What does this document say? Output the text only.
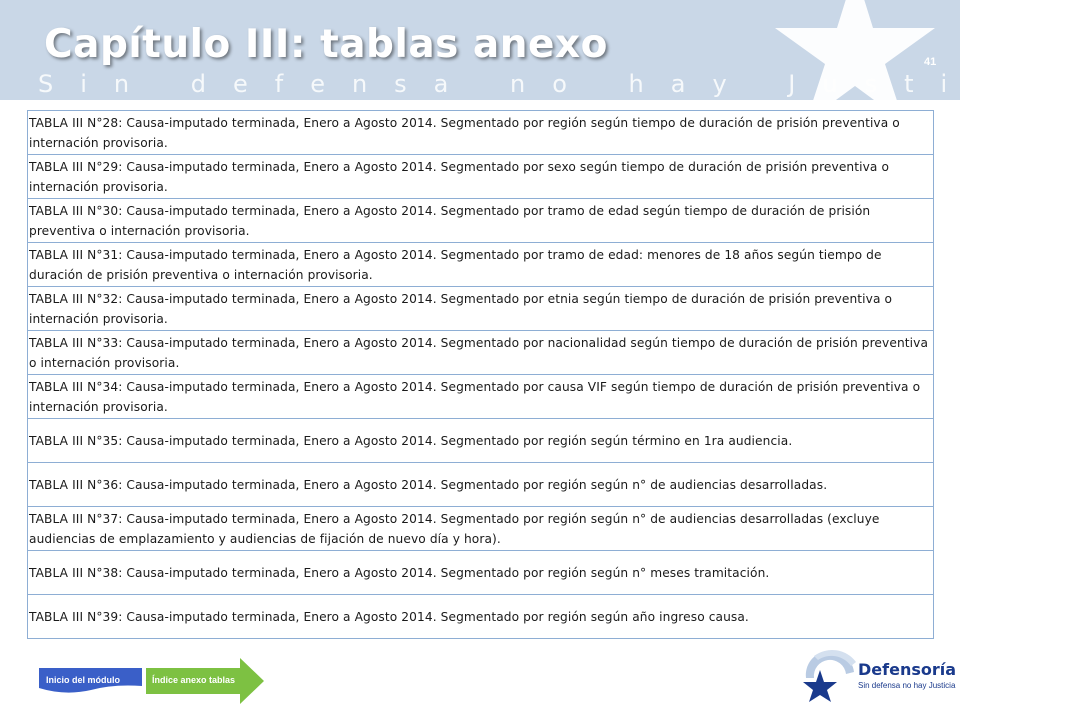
Capítulo III: tablas anexo
Sin defensa no hay Justicia
41
TABLA III N°28: Causa-imputado terminada, Enero a Agosto 2014. Segmentado por región según tiempo de duración de prisión preventiva o internación provisoria.
TABLA III N°29: Causa-imputado terminada, Enero a Agosto 2014. Segmentado por sexo según tiempo de duración de prisión preventiva o internación provisoria.
TABLA III N°30: Causa-imputado terminada, Enero a Agosto 2014. Segmentado por tramo de edad según tiempo de duración de prisión preventiva o internación provisoria.
TABLA III N°31: Causa-imputado terminada, Enero a Agosto 2014. Segmentado por tramo de edad: menores de 18 años según tiempo de duración de prisión preventiva o internación provisoria.
TABLA III N°32: Causa-imputado terminada, Enero a Agosto 2014. Segmentado por etnia según tiempo de duración de prisión preventiva o internación provisoria.
TABLA III N°33: Causa-imputado terminada, Enero a Agosto 2014. Segmentado por nacionalidad según tiempo de duración de prisión preventiva o internación provisoria.
TABLA III N°34: Causa-imputado terminada, Enero a Agosto 2014. Segmentado por causa VIF según tiempo de duración de prisión preventiva o internación provisoria.
TABLA III N°35: Causa-imputado terminada, Enero a Agosto 2014. Segmentado por región según término en 1ra audiencia.
TABLA III N°36: Causa-imputado terminada, Enero a Agosto 2014. Segmentado por región según n° de audiencias desarrolladas.
TABLA III N°37: Causa-imputado terminada, Enero a Agosto 2014. Segmentado por región según n° de audiencias desarrolladas (excluye audiencias de emplazamiento y audiencias de fijación de nuevo día y hora).
TABLA III N°38: Causa-imputado terminada, Enero a Agosto 2014. Segmentado por región según n° meses tramitación.
TABLA III N°39: Causa-imputado terminada, Enero a Agosto 2014. Segmentado por región según año ingreso causa.
Inicio del módulo	Índice anexo tablas
Defensoría
Sin defensa no hay Justicia
